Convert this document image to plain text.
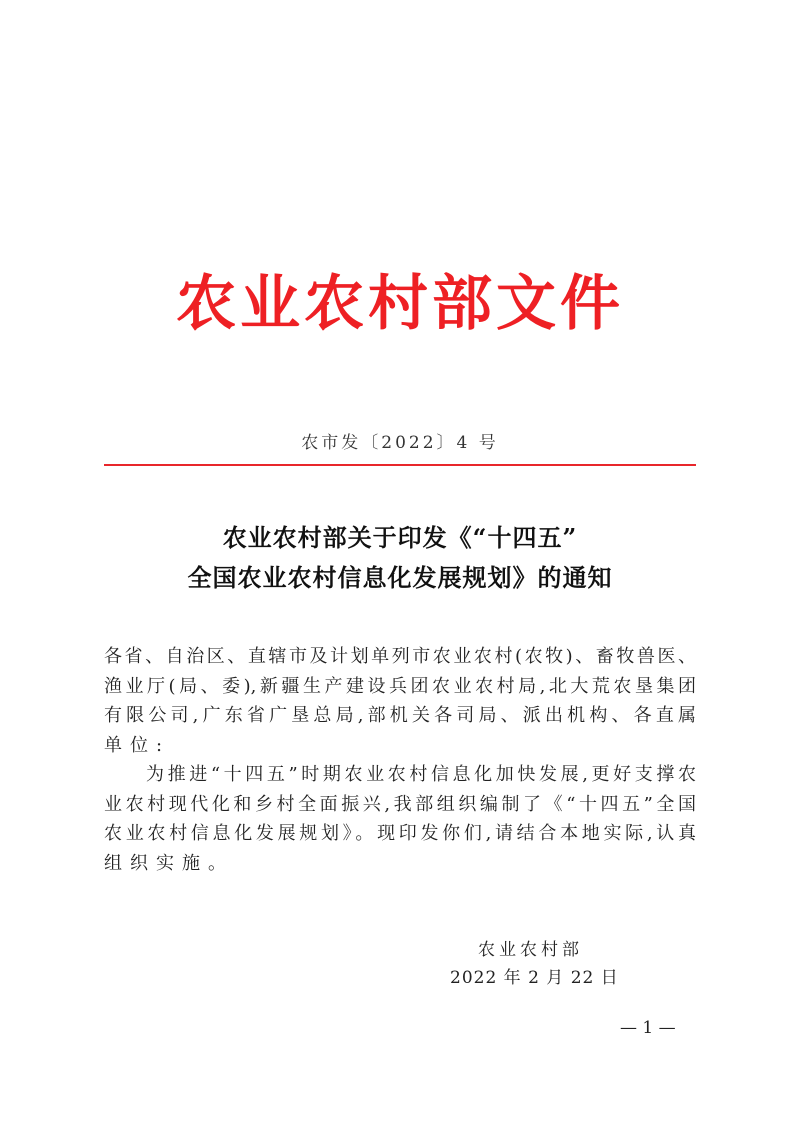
农业农村部文件
农市发〔2022〕4 号
农业农村部关于印发《“十四五”
全国农业农村信息化发展规划》的通知
各省、自治区、直辖市及计划单列市农业农村(农牧)、畜牧兽医、
渔业厅(局、委),新疆生产建设兵团农业农村局,北大荒农垦集团
有限公司,广东省广垦总局,部机关各司局、派出机构、各直属
单位:
为推进“十四五”时期农业农村信息化加快发展,更好支撑农
业农村现代化和乡村全面振兴,我部组织编制了《“十四五”全国
农业农村信息化发展规划》。现印发你们,请结合本地实际,认真
组织实施。
农业农村部
2022 年 2 月 22 日
— 1 —
